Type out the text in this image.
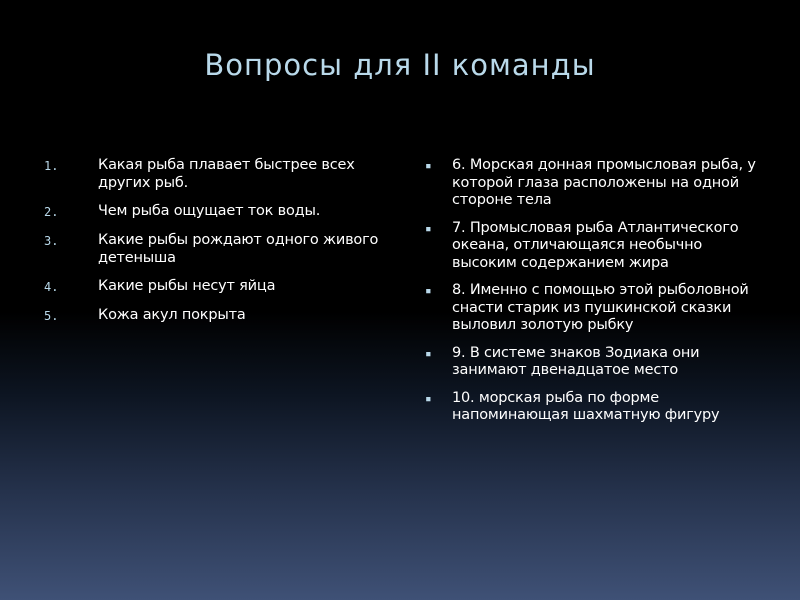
Вопросы для II команды
1.	Какая рыба плавает быстрее всех других рыб.
2.	Чем рыба ощущает ток воды.
3.	Какие рыбы рождают одного живого детеныша
4.	Какие рыбы несут яйца
5.	Кожа акул покрыта
▪	6. Морская донная промысловая рыба, у которой глаза расположены на одной стороне тела
▪	7. Промысловая рыба Атлантического океана, отличающаяся необычно высоким содержанием жира
▪	8. Именно с помощью этой рыболовной снасти старик из пушкинской сказки выловил золотую рыбку
▪	9. В системе знаков Зодиака они занимают двенадцатое место
▪	10. морская рыба по форме напоминающая шахматную фигуру
